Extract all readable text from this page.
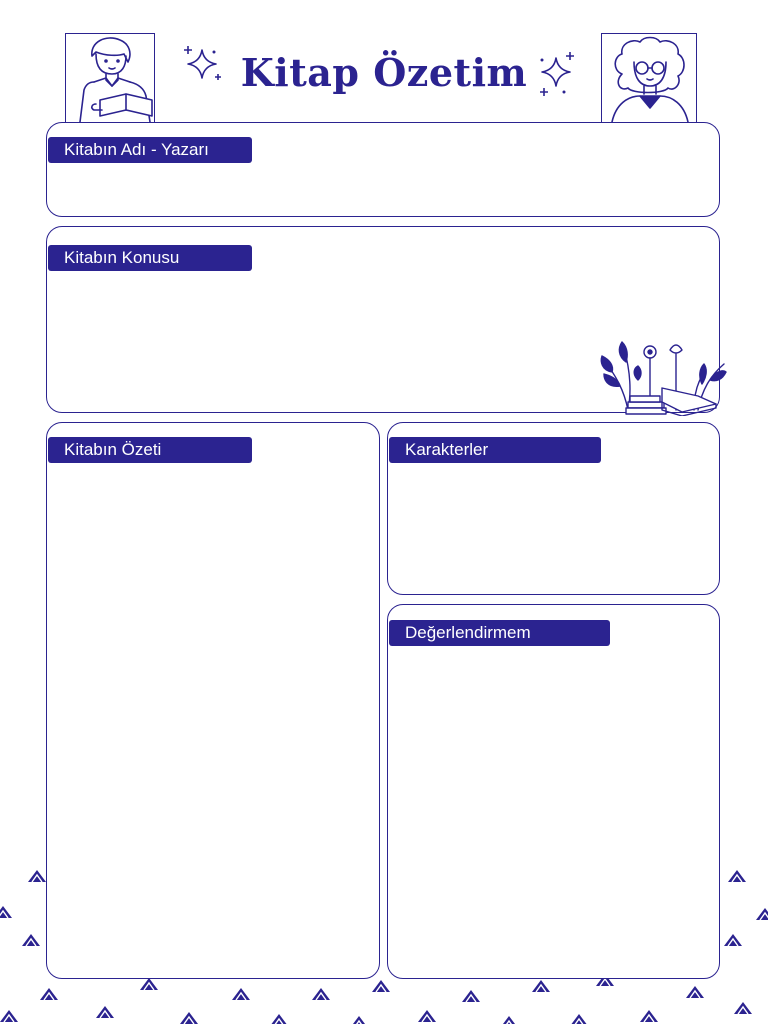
Kitap Özetim
Kitabın Adı - Yazarı
Kitabın Konusu
Kitabın Özeti	Karakterler
Değerlendirmem
